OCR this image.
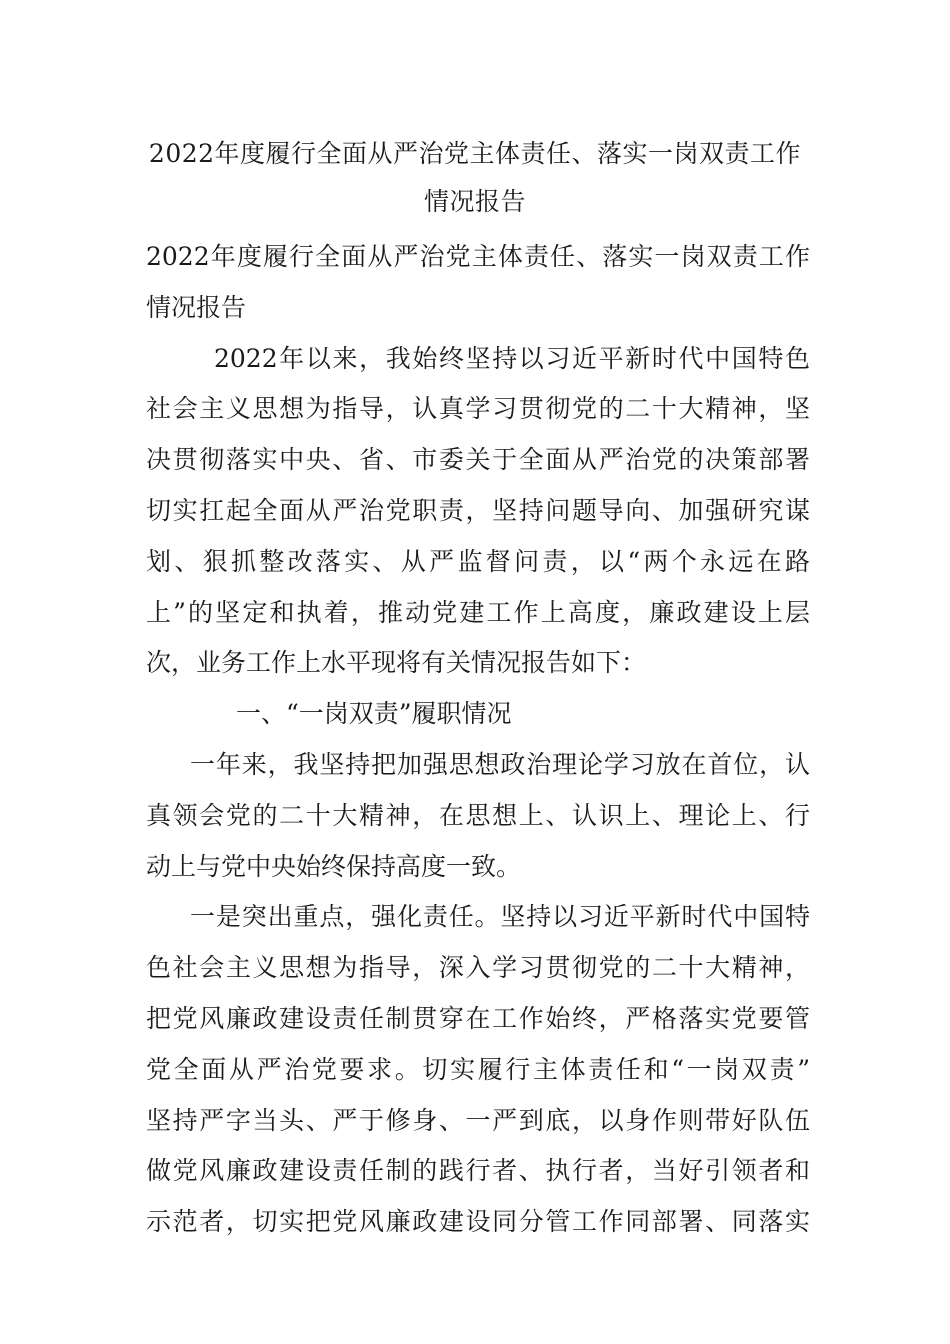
2022年度履行全面从严治党主体责任、落实一岗双责工作
情况报告
2022年度履行全面从严治党主体责任、落实一岗双责工作
情况报告
2022年以来，我始终坚持以习近平新时代中国特色
社会主义思想为指导，认真学习贯彻党的二十大精神，坚
决贯彻落实中央、省、市委关于全面从严治党的决策部署
切实扛起全面从严治党职责，坚持问题导向、加强研究谋
划、狠抓整改落实、从严监督问责，以“两个永远在路
上”的坚定和执着，推动党建工作上高度，廉政建设上层
次，业务工作上水平现将有关情况报告如下：
一、“一岗双责”履职情况
一年来，我坚持把加强思想政治理论学习放在首位，认
真领会党的二十大精神，在思想上、认识上、理论上、行
动上与党中央始终保持高度一致。
一是突出重点，强化责任。坚持以习近平新时代中国特
色社会主义思想为指导，深入学习贯彻党的二十大精神，
把党风廉政建设责任制贯穿在工作始终，严格落实党要管
党全面从严治党要求。切实履行主体责任和“一岗双责”
坚持严字当头、严于修身、一严到底，以身作则带好队伍
做党风廉政建设责任制的践行者、执行者，当好引领者和
示范者，切实把党风廉政建设同分管工作同部署、同落实
